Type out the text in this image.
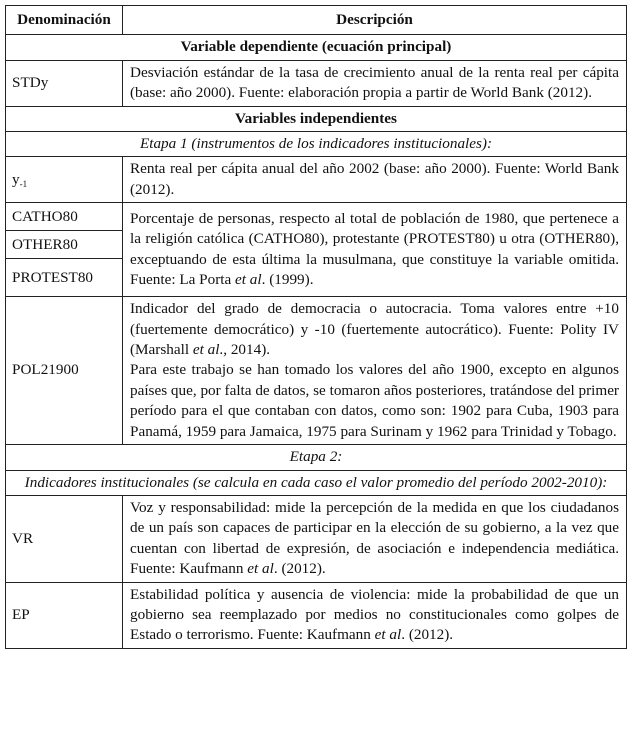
Denominación	Descripción
Variable dependiente (ecuación principal)	
STDy	Desviación estándar de la tasa de crecimiento anual de la renta real per cápita (base: año 2000). Fuente: elaboración propia a partir de World Bank (2012).
Variables independientes	
Etapa 1 (instrumentos de los indicadores institucionales):	
$y_{-1}$	Renta real per cápita anual del año 2002 (base: año 2000). Fuente: World Bank (2012).
CATHO80	Porcentaje de personas, respecto al total de población de 1980, que pertenece a la religión católica (CATHO80), protestante (PROTEST80) u otra (OTHER80), exceptuando de esta última la musulmana, que constituye la variable omitida. Fuente: La Porta et al. (1999).
OTHER80	
PROTEST80	
POL21900	Indicador del grado de democracia o autocracia. Toma valores entre +10 (fuertemente democrático) y -10 (fuertemente autocrático). Fuente: Polity IV (Marshall et al., 2014).

Para este trabajo se han tomado los valores del año 1900, excepto en algunos países que, por falta de datos, se tomaron años posteriores, tratándose del primer período para el que contaban con datos, como son: 1902 para Cuba, 1903 para Panamá, 1959 para Jamaica, 1975 para Surinam y 1962 para Trinidad y Tobago.

Etapa 2:	
Indicadores institucionales (se calcula en cada caso el valor promedio del período 2002-2010):	
VR	Voz y responsabilidad: mide la percepción de la medida en que los ciudadanos de un país son capaces de participar en la elección de su gobierno, a la vez que cuentan con libertad de expresión, de asociación e independencia mediática. Fuente: Kaufmann et al. (2012).
EP	Estabilidad política y ausencia de violencia: mide la probabilidad de que un gobierno sea reemplazado por medios no constitucionales como golpes de Estado o terrorismo. Fuente: Kaufmann et al. (2012).
